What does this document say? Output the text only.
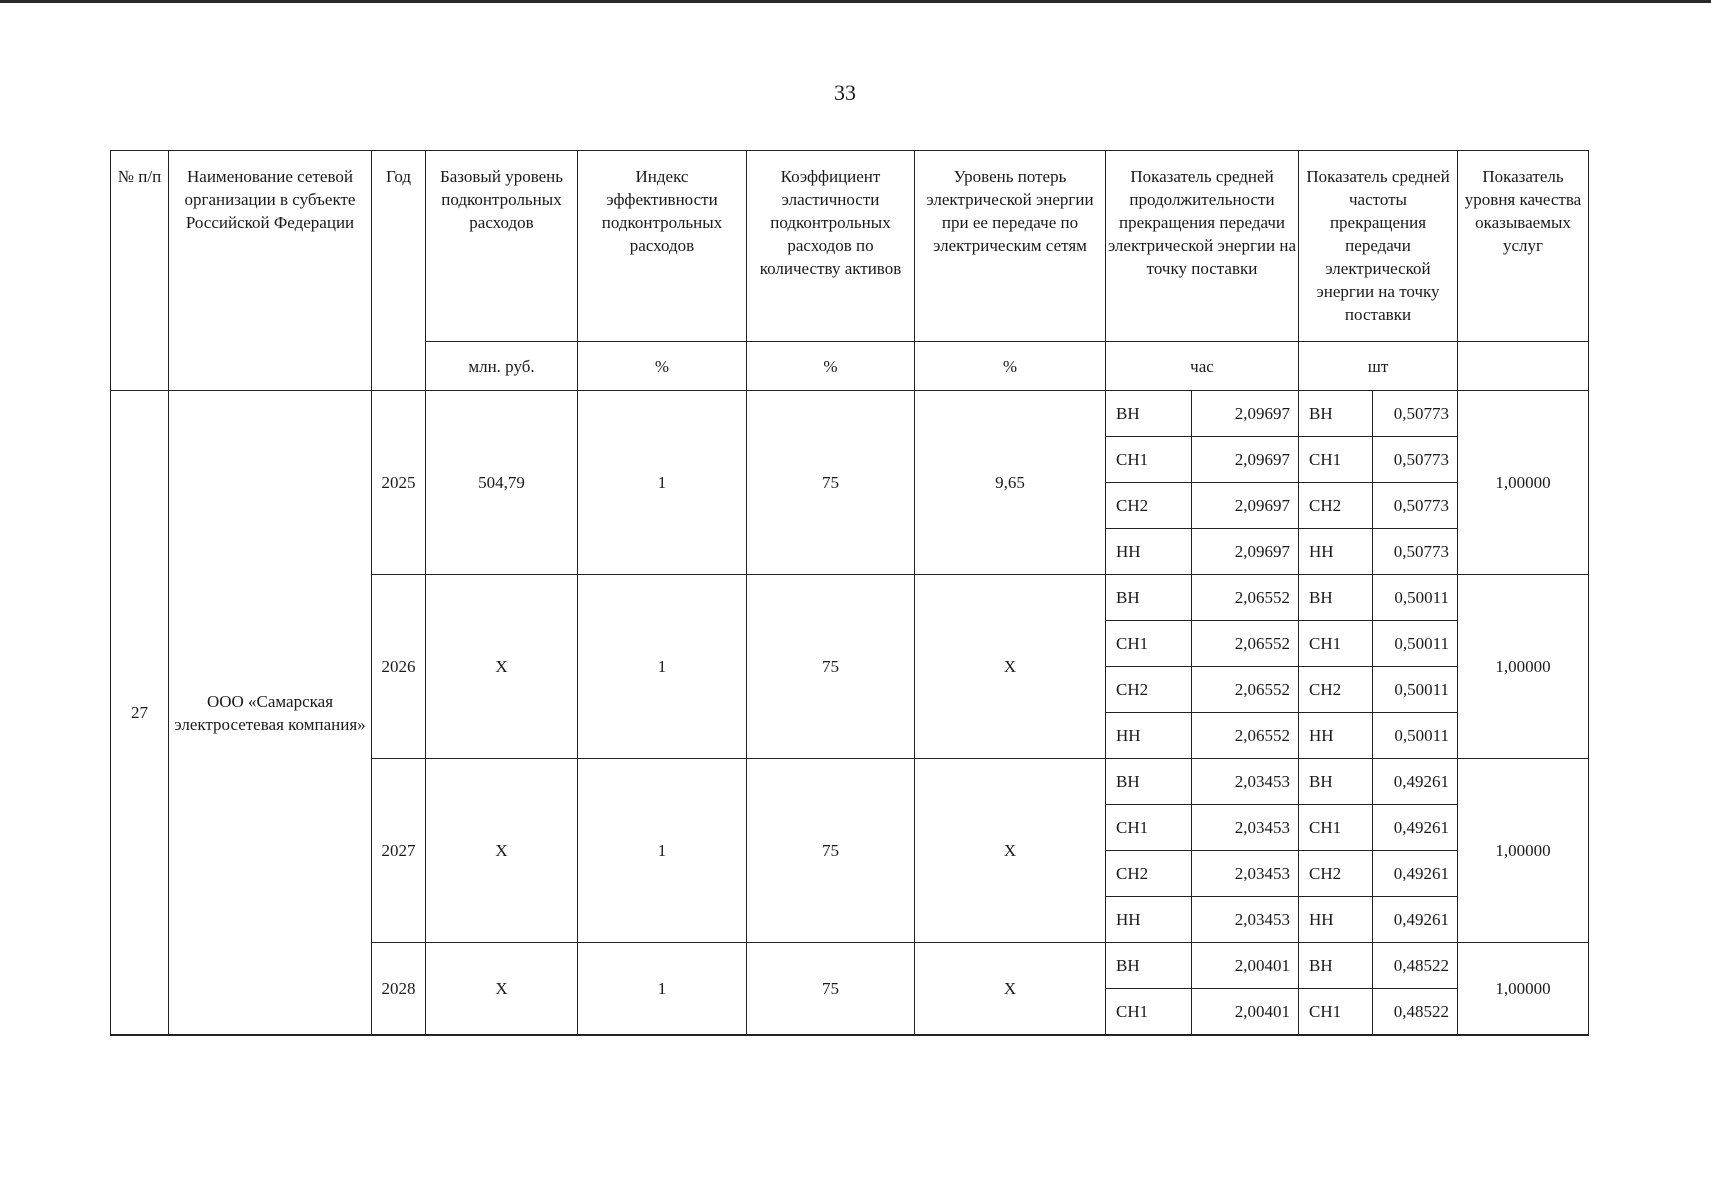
33
№ п/п	Наименование сетевой организации в субъекте Российской Федерации	Год	Базовый уровень подконтрольных расходов	Индекс эффективности подконтрольных расходов	Коэффициент эластичности подконтрольных расходов по количеству активов	Уровень потерь электрической энергии при ее передаче по электрическим сетям	Показатель средней продолжительности прекращения передачи электрической энергии на точку поставки		Показатель средней частоты прекращения передачи электрической энергии на точку поставки		Показатель уровня качества оказываемых услуг
			млн. руб.	%	%	%	час		шт		
27	ООО «Самарская электросетевая компания»	2025	504,79	1	75	9,65	ВН	2,09697	ВН	0,50773	1,00000
							СН1	2,09697	СН1	0,50773	
							СН2	2,09697	СН2	0,50773	
							НН	2,09697	НН	0,50773	
		2026	Х	1	75	Х	ВН	2,06552	ВН	0,50011	1,00000
							СН1	2,06552	СН1	0,50011	
							СН2	2,06552	СН2	0,50011	
							НН	2,06552	НН	0,50011	
		2027	Х	1	75	Х	ВН	2,03453	ВН	0,49261	1,00000
							СН1	2,03453	СН1	0,49261	
							СН2	2,03453	СН2	0,49261	
							НН	2,03453	НН	0,49261	
		2028	Х	1	75	Х	ВН	2,00401	ВН	0,48522	1,00000
							СН1	2,00401	СН1	0,48522	
